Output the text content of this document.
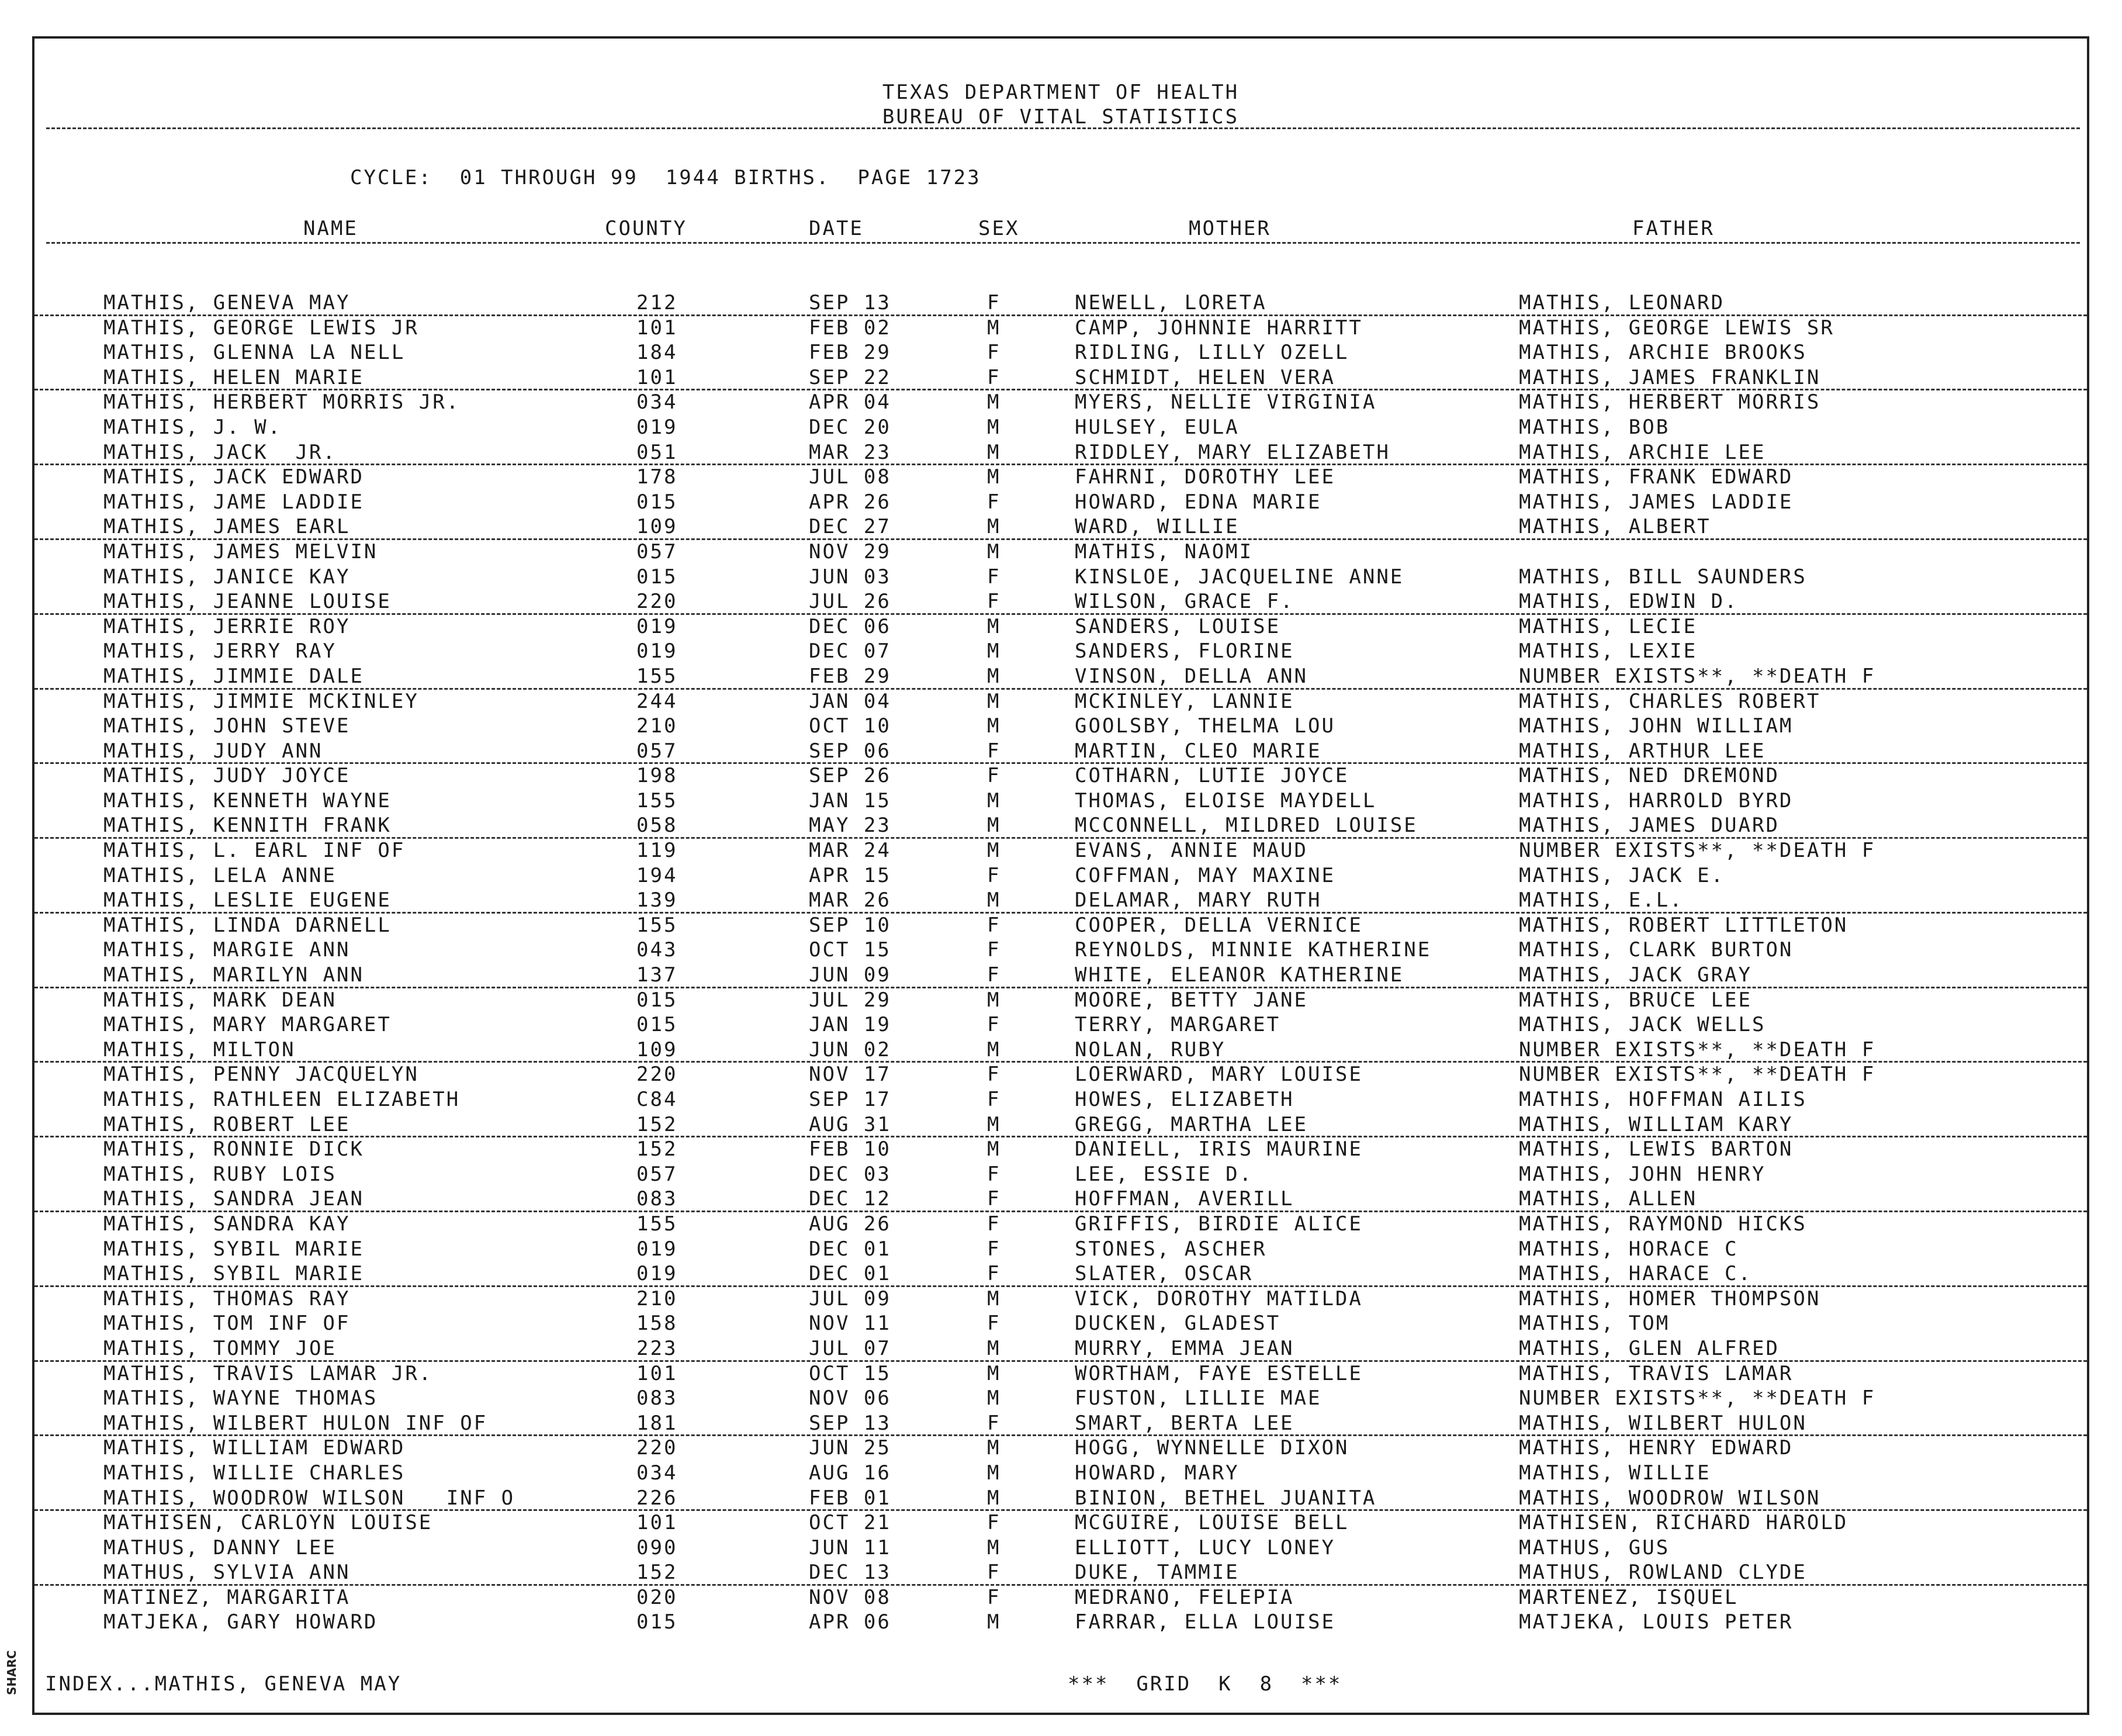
SHARC
TEXAS DEPARTMENT OF HEALTH
BUREAU OF VITAL STATISTICS
CYCLE:  01 THROUGH 99  1944 BIRTHS.  PAGE 1723
NAME	COUNTY	DATE	SEX	MOTHER	FATHER
MATHIS, GENEVA MAY	212	SEP 13	F	NEWELL, LORETA	MATHIS, LEONARD
MATHIS, GEORGE LEWIS JR	101	FEB 02	M	CAMP, JOHNNIE HARRITT	MATHIS, GEORGE LEWIS SR
MATHIS, GLENNA LA NELL	184	FEB 29	F	RIDLING, LILLY OZELL	MATHIS, ARCHIE BROOKS
MATHIS, HELEN MARIE	101	SEP 22	F	SCHMIDT, HELEN VERA	MATHIS, JAMES FRANKLIN
MATHIS, HERBERT MORRIS JR.	034	APR 04	M	MYERS, NELLIE VIRGINIA	MATHIS, HERBERT MORRIS
MATHIS, J. W.	019	DEC 20	M	HULSEY, EULA	MATHIS, BOB
MATHIS, JACK  JR.	051	MAR 23	M	RIDDLEY, MARY ELIZABETH	MATHIS, ARCHIE LEE
MATHIS, JACK EDWARD	178	JUL 08	M	FAHRNI, DOROTHY LEE	MATHIS, FRANK EDWARD
MATHIS, JAME LADDIE	015	APR 26	F	HOWARD, EDNA MARIE	MATHIS, JAMES LADDIE
MATHIS, JAMES EARL	109	DEC 27	M	WARD, WILLIE	MATHIS, ALBERT
MATHIS, JAMES MELVIN	057	NOV 29	M	MATHIS, NAOMI
MATHIS, JANICE KAY	015	JUN 03	F	KINSLOE, JACQUELINE ANNE	MATHIS, BILL SAUNDERS
MATHIS, JEANNE LOUISE	220	JUL 26	F	WILSON, GRACE F.	MATHIS, EDWIN D.
MATHIS, JERRIE ROY	019	DEC 06	M	SANDERS, LOUISE	MATHIS, LECIE
MATHIS, JERRY RAY	019	DEC 07	M	SANDERS, FLORINE	MATHIS, LEXIE
MATHIS, JIMMIE DALE	155	FEB 29	M	VINSON, DELLA ANN	NUMBER EXISTS**, **DEATH F
MATHIS, JIMMIE MCKINLEY	244	JAN 04	M	MCKINLEY, LANNIE	MATHIS, CHARLES ROBERT
MATHIS, JOHN STEVE	210	OCT 10	M	GOOLSBY, THELMA LOU	MATHIS, JOHN WILLIAM
MATHIS, JUDY ANN	057	SEP 06	F	MARTIN, CLEO MARIE	MATHIS, ARTHUR LEE
MATHIS, JUDY JOYCE	198	SEP 26	F	COTHARN, LUTIE JOYCE	MATHIS, NED DREMOND
MATHIS, KENNETH WAYNE	155	JAN 15	M	THOMAS, ELOISE MAYDELL	MATHIS, HARROLD BYRD
MATHIS, KENNITH FRANK	058	MAY 23	M	MCCONNELL, MILDRED LOUISE	MATHIS, JAMES DUARD
MATHIS, L. EARL INF OF	119	MAR 24	M	EVANS, ANNIE MAUD	NUMBER EXISTS**, **DEATH F
MATHIS, LELA ANNE	194	APR 15	F	COFFMAN, MAY MAXINE	MATHIS, JACK E.
MATHIS, LESLIE EUGENE	139	MAR 26	M	DELAMAR, MARY RUTH	MATHIS, E.L.
MATHIS, LINDA DARNELL	155	SEP 10	F	COOPER, DELLA VERNICE	MATHIS, ROBERT LITTLETON
MATHIS, MARGIE ANN	043	OCT 15	F	REYNOLDS, MINNIE KATHERINE	MATHIS, CLARK BURTON
MATHIS, MARILYN ANN	137	JUN 09	F	WHITE, ELEANOR KATHERINE	MATHIS, JACK GRAY
MATHIS, MARK DEAN	015	JUL 29	M	MOORE, BETTY JANE	MATHIS, BRUCE LEE
MATHIS, MARY MARGARET	015	JAN 19	F	TERRY, MARGARET	MATHIS, JACK WELLS
MATHIS, MILTON	109	JUN 02	M	NOLAN, RUBY	NUMBER EXISTS**, **DEATH F
MATHIS, PENNY JACQUELYN	220	NOV 17	F	LOERWARD, MARY LOUISE	NUMBER EXISTS**, **DEATH F
MATHIS, RATHLEEN ELIZABETH	C84	SEP 17	F	HOWES, ELIZABETH	MATHIS, HOFFMAN AILIS
MATHIS, ROBERT LEE	152	AUG 31	M	GREGG, MARTHA LEE	MATHIS, WILLIAM KARY
MATHIS, RONNIE DICK	152	FEB 10	M	DANIELL, IRIS MAURINE	MATHIS, LEWIS BARTON
MATHIS, RUBY LOIS	057	DEC 03	F	LEE, ESSIE D.	MATHIS, JOHN HENRY
MATHIS, SANDRA JEAN	083	DEC 12	F	HOFFMAN, AVERILL	MATHIS, ALLEN
MATHIS, SANDRA KAY	155	AUG 26	F	GRIFFIS, BIRDIE ALICE	MATHIS, RAYMOND HICKS
MATHIS, SYBIL MARIE	019	DEC 01	F	STONES, ASCHER	MATHIS, HORACE C
MATHIS, SYBIL MARIE	019	DEC 01	F	SLATER, OSCAR	MATHIS, HARACE C.
MATHIS, THOMAS RAY	210	JUL 09	M	VICK, DOROTHY MATILDA	MATHIS, HOMER THOMPSON
MATHIS, TOM INF OF	158	NOV 11	F	DUCKEN, GLADEST	MATHIS, TOM
MATHIS, TOMMY JOE	223	JUL 07	M	MURRY, EMMA JEAN	MATHIS, GLEN ALFRED
MATHIS, TRAVIS LAMAR JR.	101	OCT 15	M	WORTHAM, FAYE ESTELLE	MATHIS, TRAVIS LAMAR
MATHIS, WAYNE THOMAS	083	NOV 06	M	FUSTON, LILLIE MAE	NUMBER EXISTS**, **DEATH F
MATHIS, WILBERT HULON INF OF	181	SEP 13	F	SMART, BERTA LEE	MATHIS, WILBERT HULON
MATHIS, WILLIAM EDWARD	220	JUN 25	M	HOGG, WYNNELLE DIXON	MATHIS, HENRY EDWARD
MATHIS, WILLIE CHARLES	034	AUG 16	M	HOWARD, MARY	MATHIS, WILLIE
MATHIS, WOODROW WILSON   INF O	226	FEB 01	M	BINION, BETHEL JUANITA	MATHIS, WOODROW WILSON
MATHISEN, CARLOYN LOUISE	101	OCT 21	F	MCGUIRE, LOUISE BELL	MATHISEN, RICHARD HAROLD
MATHUS, DANNY LEE	090	JUN 11	M	ELLIOTT, LUCY LONEY	MATHUS, GUS
MATHUS, SYLVIA ANN	152	DEC 13	F	DUKE, TAMMIE	MATHUS, ROWLAND CLYDE
MATINEZ, MARGARITA	020	NOV 08	F	MEDRANO, FELEPIA	MARTENEZ, ISQUEL
MATJEKA, GARY HOWARD	015	APR 06	M	FARRAR, ELLA LOUISE	MATJEKA, LOUIS PETER
INDEX...MATHIS, GENEVA MAY	***  GRID  K  8  ***
